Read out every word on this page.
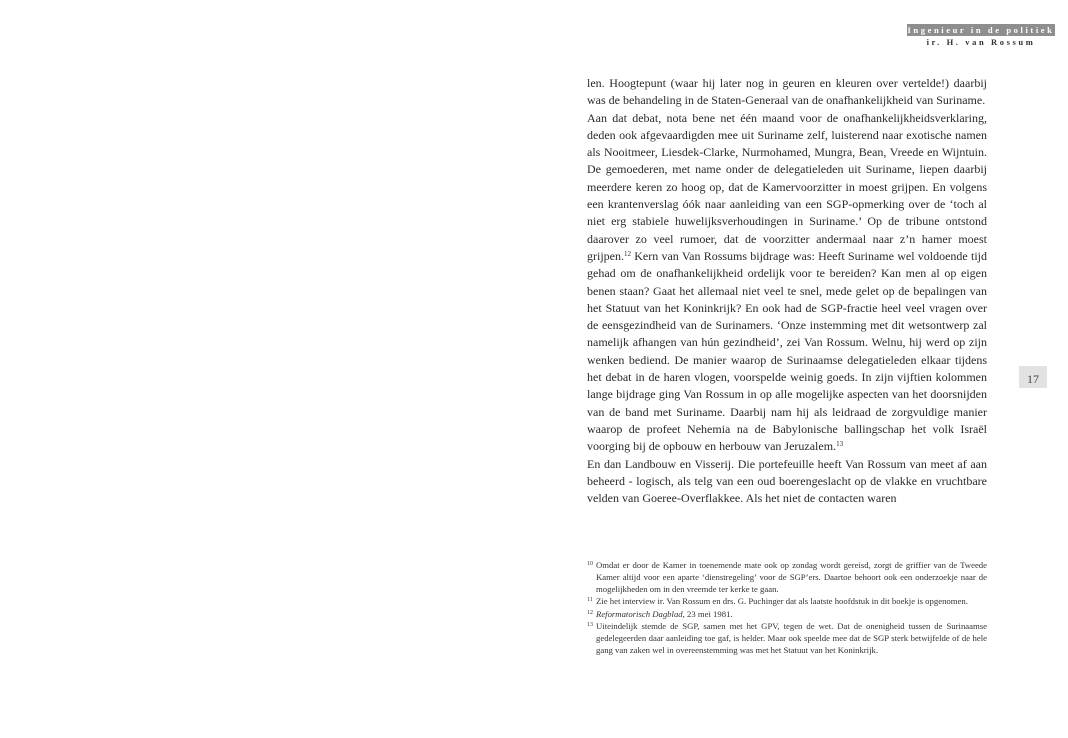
Ingenieur in de politiek
ir. H. van Rossum
17

len. Hoogtepunt (waar hij later nog in geuren en kleuren over vertelde!) daarbij was de behandeling in de Staten-Generaal van de onafhankelijkheid van Suriname.

Aan dat debat, nota bene net één maand voor de onafhankelijkheidsverklaring, deden ook afgevaardigden mee uit Suriname zelf, luisterend naar exotische namen als Nooitmeer, Liesdek-Clarke, Nurmohamed, Mungra, Bean, Vreede en Wijntuin. De gemoederen, met name onder de delegatieleden uit Suriname, liepen daarbij meerdere keren zo hoog op, dat de Kamervoorzitter in moest grijpen. En volgens een krantenverslag óók naar aanleiding van een SGP-opmerking over de ‘toch al niet erg stabiele huwelijksverhoudingen in Suriname.’ Op de tribune ontstond daarover zo veel rumoer, dat de voorzitter andermaal naar z’n hamer moest grijpen.$^{12}$ Kern van Van Rossums bijdrage was: Heeft Suriname wel voldoende tijd gehad om de onafhankelijkheid ordelijk voor te bereiden? Kan men al op eigen benen staan? Gaat het allemaal niet veel te snel, mede gelet op de bepalingen van het Statuut van het Koninkrijk? En ook had de SGP-fractie heel veel vragen over de eensgezindheid van de Surinamers. ‘Onze instemming met dit wetsontwerp zal namelijk afhangen van hún gezindheid’, zei Van Rossum. Welnu, hij werd op zijn wenken bediend. De manier waarop de Surinaamse delegatieleden elkaar tijdens het debat in de haren vlogen, voorspelde weinig goeds. In zijn vijftien kolommen lange bijdrage ging Van Rossum in op alle mogelijke aspecten van het doorsnijden van de band met Suriname. Daarbij nam hij als leidraad de zorgvuldige manier waarop de profeet Nehemia na de Babylonische ballingschap het volk Israël voorging bij de opbouw en herbouw van Jeruzalem.$^{13}$

En dan Landbouw en Visserij. Die portefeuille heeft Van Rossum van meet af aan beheerd - logisch, als telg van een oud boerengeslacht op de vlakke en vruchtbare velden van Goeree-Overflakkee. Als het niet de contacten waren

10 Omdat er door de Kamer in toenemende mate ook op zondag wordt gereisd, zorgt de griffier van de Tweede Kamer altijd voor een aparte ‘dienstregeling’ voor de SGP’ers. Daartoe behoort ook een onderzoekje naar de mogelijkheden om in den vreemde ter kerke te gaan.
11 Zie het interview ir. Van Rossum en drs. G. Puchinger dat als laatste hoofdstuk in dit boekje is opgenomen.
12 Reformatorisch Dagblad, 23 mei 1981.
13 Uiteindelijk stemde de SGP, samen met het GPV, tegen de wet. Dat de onenigheid tussen de Surinaamse gedelegeerden daar aanleiding toe gaf, is helder. Maar ook speelde mee dat de SGP sterk betwijfelde of de hele gang van zaken wel in overeenstemming was met het Statuut van het Koninkrijk.
